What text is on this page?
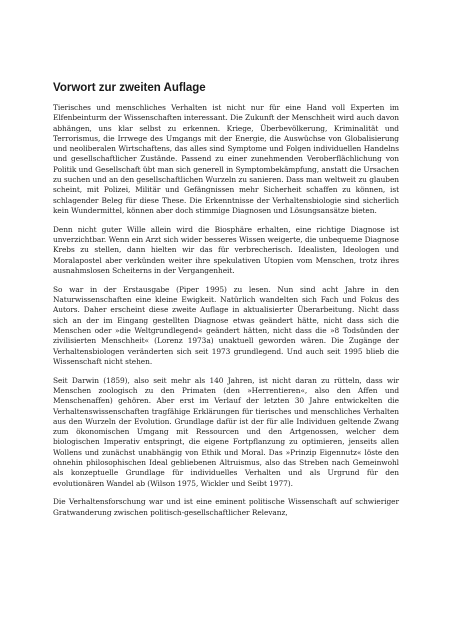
Vorwort zur zweiten Auflage

Tierisches und menschliches Verhalten ist nicht nur für eine Hand voll Experten im Elfenbeinturm der Wissenschaften interessant. Die Zukunft der Menschheit wird auch davon abhängen, uns klar selbst zu erkennen. Kriege, Überbevölkerung, Kriminalität und Terrorismus, die Irrwege des Umgangs mit der Energie, die Auswüchse von Globalisierung und neoliberalen Wirtschaftens, das alles sind Symptome und Folgen individuellen Handelns und gesellschaftlicher Zustände. Passend zu einer zunehmenden Veroberflächlichung von Politik und Gesellschaft übt man sich generell in Symptombekämpfung, anstatt die Ursachen zu suchen und an den gesellschaftlichen Wurzeln zu sanieren. Dass man weltweit zu glauben scheint, mit Polizei, Militär und Gefängnissen mehr Sicherheit schaffen zu können, ist schlagender Beleg für diese These. Die Erkenntnisse der Verhaltensbiologie sind sicherlich kein Wundermittel, können aber doch stimmige Diagnosen und Lösungsansätze bieten.

Denn nicht guter Wille allein wird die Biosphäre erhalten, eine richtige Diagnose ist unverzichtbar. Wenn ein Arzt sich wider besseres Wissen weigerte, die unbequeme Diagnose Krebs zu stellen, dann hielten wir das für verbrecherisch. Idealisten, Ideologen und Moralapostel aber verkünden weiter ihre spekulativen Utopien vom Menschen, trotz ihres ausnahmslosen Scheiterns in der Vergangenheit.

So war in der Erstausgabe (Piper 1995) zu lesen. Nun sind acht Jahre in den Naturwissenschaften eine kleine Ewigkeit. Natürlich wandelten sich Fach und Fokus des Autors. Daher erscheint diese zweite Auflage in aktualisierter Überarbeitung. Nicht dass sich an der im Eingang gestellten Diagnose etwas geändert hätte, nicht dass sich die Menschen oder »die Weltgrundlegend« geändert hätten, nicht dass die »8 Todsünden der zivilisierten Menschheit« (Lorenz 1973a) unaktuell geworden wären. Die Zugänge der Verhaltensbiologen veränderten sich seit 1973 grundlegend. Und auch seit 1995 blieb die Wissenschaft nicht stehen.

Seit Darwin (1859), also seit mehr als 140 Jahren, ist nicht daran zu rütteln, dass wir Menschen zoologisch zu den Primaten (den »Herrentieren«, also den Affen und Menschenaffen) gehören. Aber erst im Verlauf der letzten 30 Jahre entwickelten die Verhaltenswissenschaften tragfähige Erklärungen für tierisches und menschliches Verhalten aus den Wurzeln der Evolution. Grundlage dafür ist der für alle Individuen geltende Zwang zum ökonomischen Umgang mit Ressourcen und den Artgenossen, welcher dem biologischen Imperativ entspringt, die eigene Fortpflanzung zu optimieren, jenseits allen Wollens und zunächst unabhängig von Ethik und Moral. Das »Prinzip Eigennutz« löste den ohnehin philosophischen Ideal gebliebenen Altruismus, also das Streben nach Gemeinwohl als konzeptuelle Grundlage für individuelles Verhalten und als Urgrund für den evolutionären Wandel ab (Wilson 1975, Wickler und Seibt 1977).

Die Verhaltensforschung war und ist eine eminent politische Wissenschaft auf schwieriger Gratwanderung zwischen politisch-gesellschaftlicher Relevanz,
